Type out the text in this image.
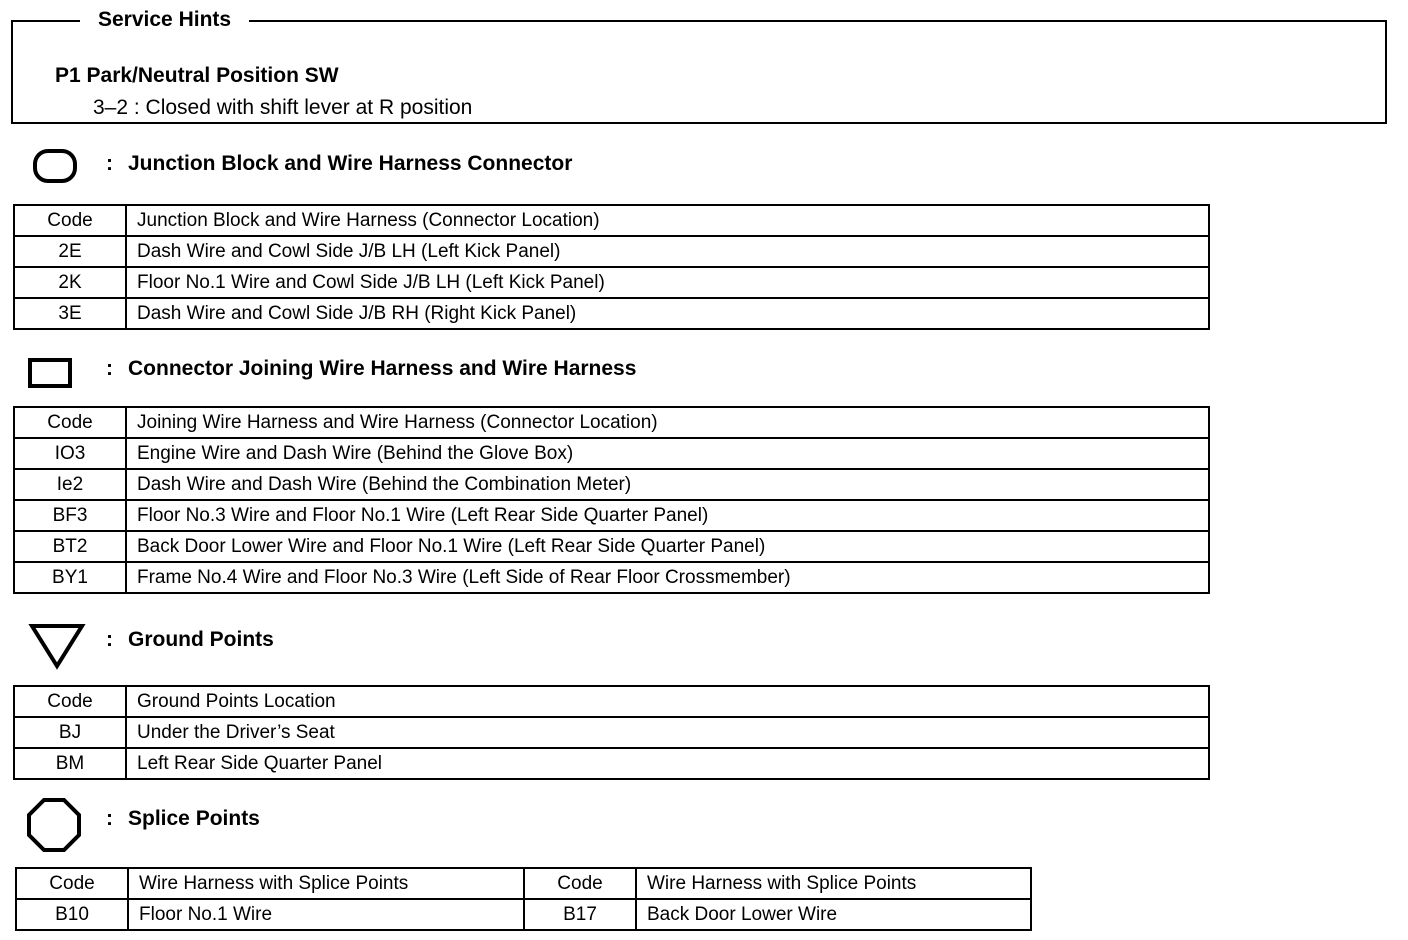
P1 Park/Neutral Position SW
3–2 : Closed with shift lever at R position
Service Hints
: Junction Block and Wire Harness Connector
Code	Junction Block and Wire Harness (Connector Location)
2E	Dash Wire and Cowl Side J/B LH (Left Kick Panel)
2K	Floor No.1 Wire and Cowl Side J/B LH (Left Kick Panel)
3E	Dash Wire and Cowl Side J/B RH (Right Kick Panel)
: Connector Joining Wire Harness and Wire Harness
Code	Joining Wire Harness and Wire Harness (Connector Location)
IO3	Engine Wire and Dash Wire (Behind the Glove Box)
Ie2	Dash Wire and Dash Wire (Behind the Combination Meter)
BF3	Floor No.3 Wire and Floor No.1 Wire (Left Rear Side Quarter Panel)
BT2	Back Door Lower Wire and Floor No.1 Wire (Left Rear Side Quarter Panel)
BY1	Frame No.4 Wire and Floor No.3 Wire (Left Side of Rear Floor Crossmember)
: Ground Points
Code	Ground Points Location
BJ	Under the Driver’s Seat
BM	Left Rear Side Quarter Panel
: Splice Points
Code	Wire Harness with Splice Points	Code	Wire Harness with Splice Points
B10	Floor No.1 Wire	B17	Back Door Lower Wire
